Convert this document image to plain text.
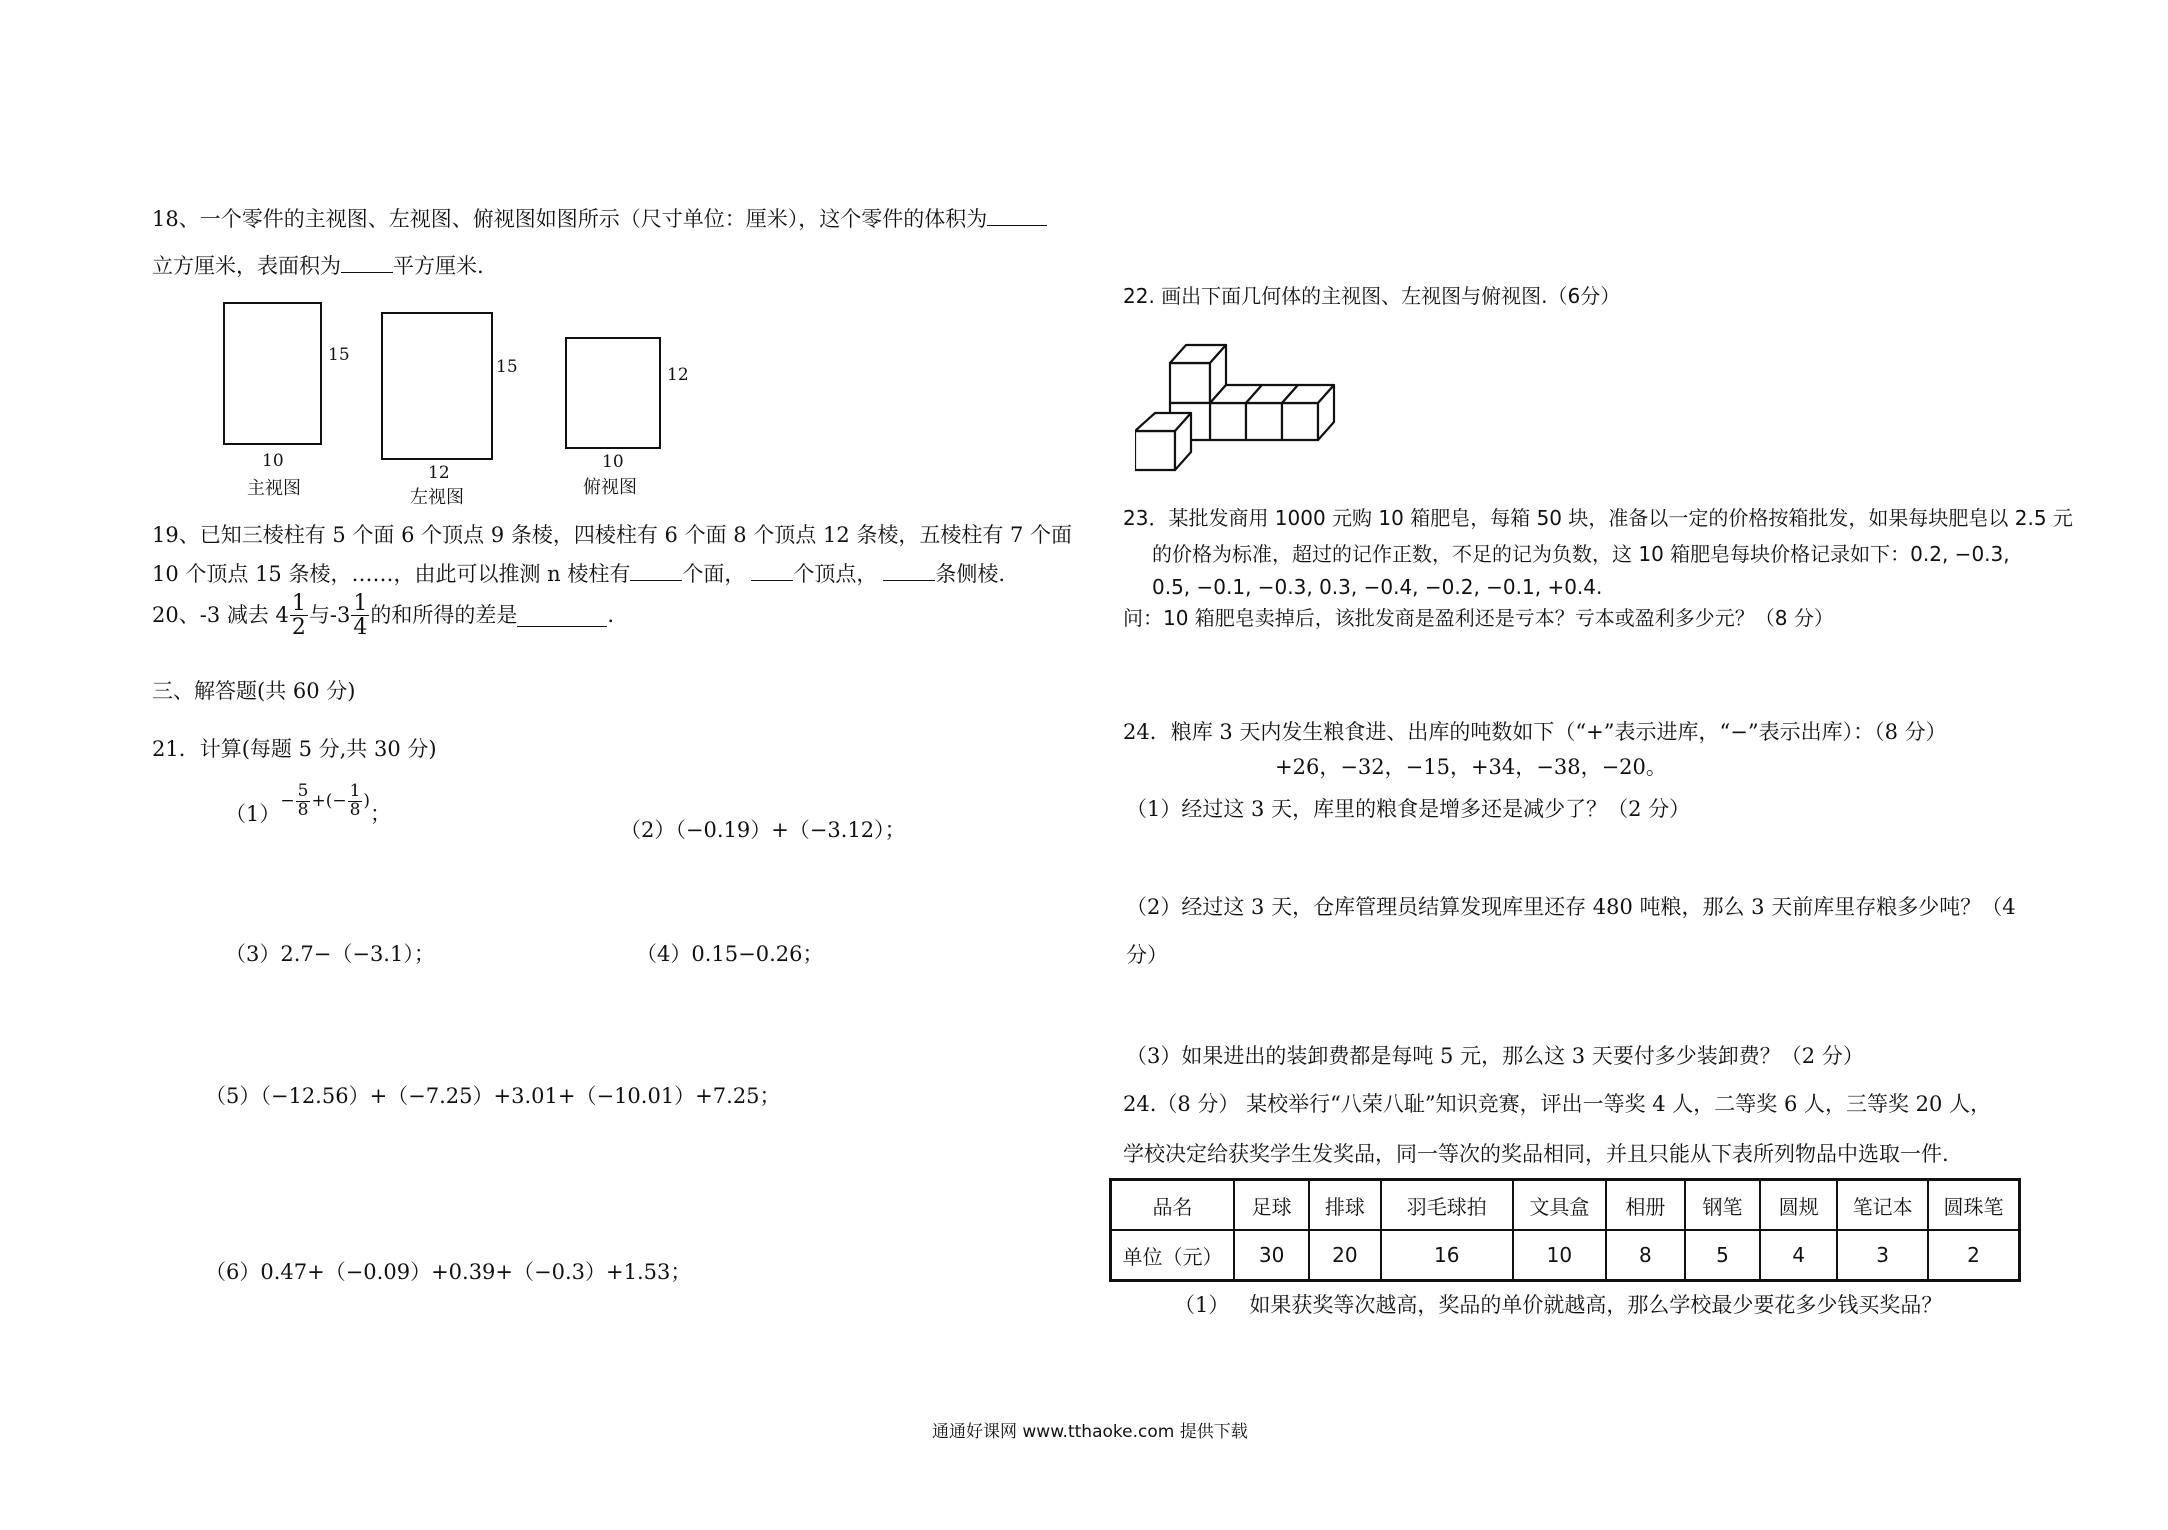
18、一个零件的主视图、左视图、俯视图如图所示（尺寸单位：厘米），这个零件的体积为
立方厘米，表面积为 平方厘米.
15
10
主视图
15
12
左视图
12
10
俯视图
19、已知三棱柱有 5 个面 6 个顶点 9 条棱，四棱柱有 6 个面 8 个顶点 12 条棱，五棱柱有 7 个面
10 个顶点 15 条棱，……，由此可以推测 n 棱柱有 个面， 个顶点，	条侧棱.
20、-3 减去 $4 \frac{1}{2}$ 与$-3 \frac{1}{4}$ 的和所得的差是	.
三、解答题(共 60 分)
21．计算(每题 5 分,共 30 分)
（1）
− $\frac{5}{8}$ +(− $\frac{1}{8}$ )
；
（2）（−0.19）+（−3.12）；
（3）2.7−（−3.1）；	（4）0.15−0.26；
（5）（−12.56）+（−7.25）+3.01+（−10.01）+7.25；
（6）0.47+（−0.09）+0.39+（−0.3）+1.53；
22. 画出下面几何体的主视图、左视图与俯视图.（6分）
23．某批发商用 1000 元购 10 箱肥皂，每箱 50 块，准备以一定的价格按箱批发，如果每块肥皂以 2.5 元
的价格为标准，超过的记作正数，不足的记为负数，这 10 箱肥皂每块价格记录如下：0.2, −0.3,
0.5, −0.1, −0.3, 0.3, −0.4, −0.2, −0.1, +0.4.
问：10 箱肥皂卖掉后，该批发商是盈利还是亏本？亏本或盈利多少元？（8 分）
24．粮库 3 天内发生粮食进、出库的吨数如下（“+”表示进库，“−”表示出库）：（8 分）
+26，−32，−15，+34，−38，−20。
（1）经过这 3 天，库里的粮食是增多还是减少了？（2 分）
（2）经过这 3 天，仓库管理员结算发现库里还存 480 吨粮，那么 3 天前库里存粮多少吨？（4
分）
（3）如果进出的装卸费都是每吨 5 元，那么这 3 天要付多少装卸费？（2 分）
24.（8 分） 某校举行“八荣八耻”知识竞赛，评出一等奖 4 人，二等奖 6 人，三等奖 20 人，
学校决定给获奖学生发奖品，同一等次的奖品相同，并且只能从下表所列物品中选取一件.
品名	足球	排球	羽毛球拍	文具盒	相册	钢笔	圆规	笔记本	圆珠笔
单位（元）	30	20	16	10	8	5	4	3	2
（1） 如果获奖等次越高，奖品的单价就越高，那么学校最少要花多少钱买奖品？
通通好课网 www.tthaoke.com 提供下载
